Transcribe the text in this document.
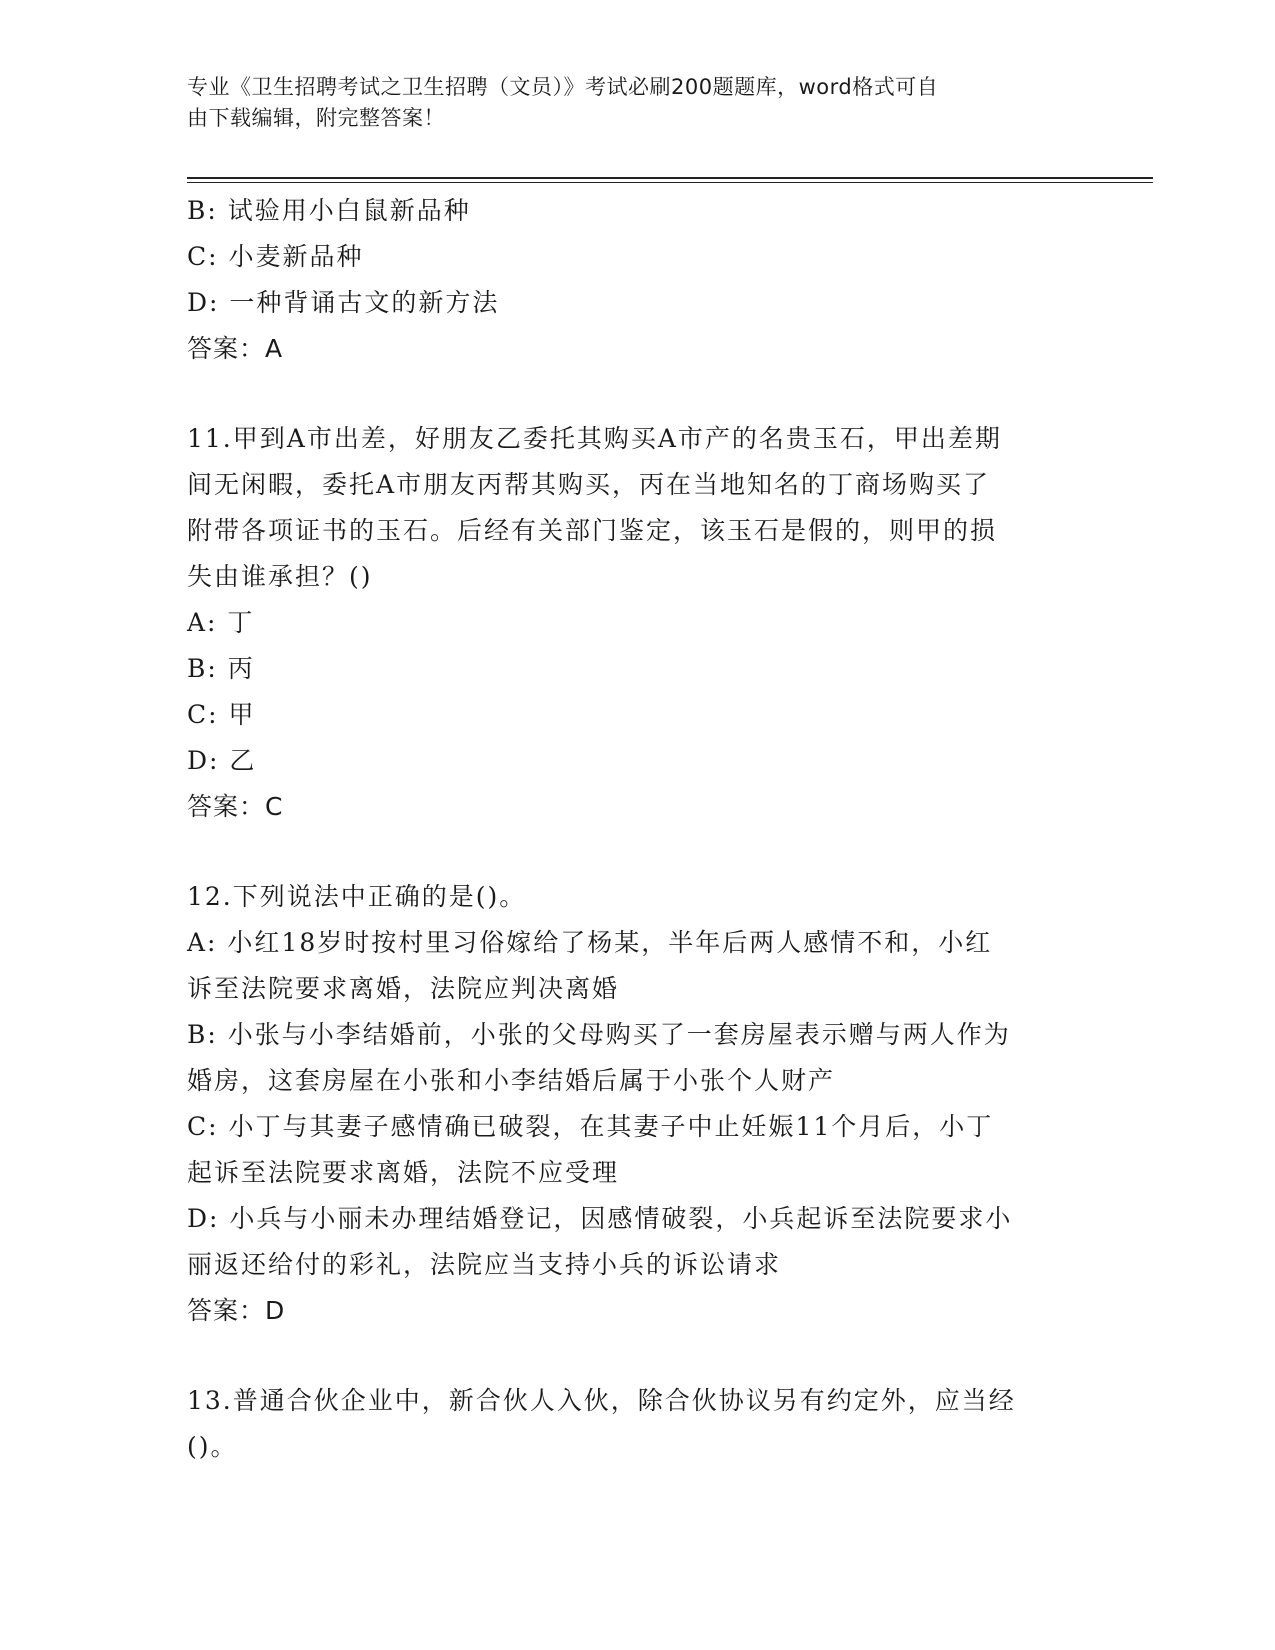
专业《卫生招聘考试之卫生招聘（文员）》考试必刷200题题库，word格式可自
由下载编辑，附完整答案！
B: 试验用小白鼠新品种
C: 小麦新品种
D: 一种背诵古文的新方法
答案：A
11.甲到A市出差，好朋友乙委托其购买A市产的名贵玉石，甲出差期
间无闲暇，委托A市朋友丙帮其购买，丙在当地知名的丁商场购买了
附带各项证书的玉石。后经有关部门鉴定，该玉石是假的，则甲的损
失由谁承担？()
A: 丁
B: 丙
C: 甲
D: 乙
答案：C
12.下列说法中正确的是()。
A: 小红18岁时按村里习俗嫁给了杨某，半年后两人感情不和，小红
诉至法院要求离婚，法院应判决离婚
B: 小张与小李结婚前，小张的父母购买了一套房屋表示赠与两人作为
婚房，这套房屋在小张和小李结婚后属于小张个人财产
C: 小丁与其妻子感情确已破裂，在其妻子中止妊娠11个月后，小丁
起诉至法院要求离婚，法院不应受理
D: 小兵与小丽未办理结婚登记，因感情破裂，小兵起诉至法院要求小
丽返还给付的彩礼，法院应当支持小兵的诉讼请求
答案：D
13.普通合伙企业中，新合伙人入伙，除合伙协议另有约定外，应当经
()。
